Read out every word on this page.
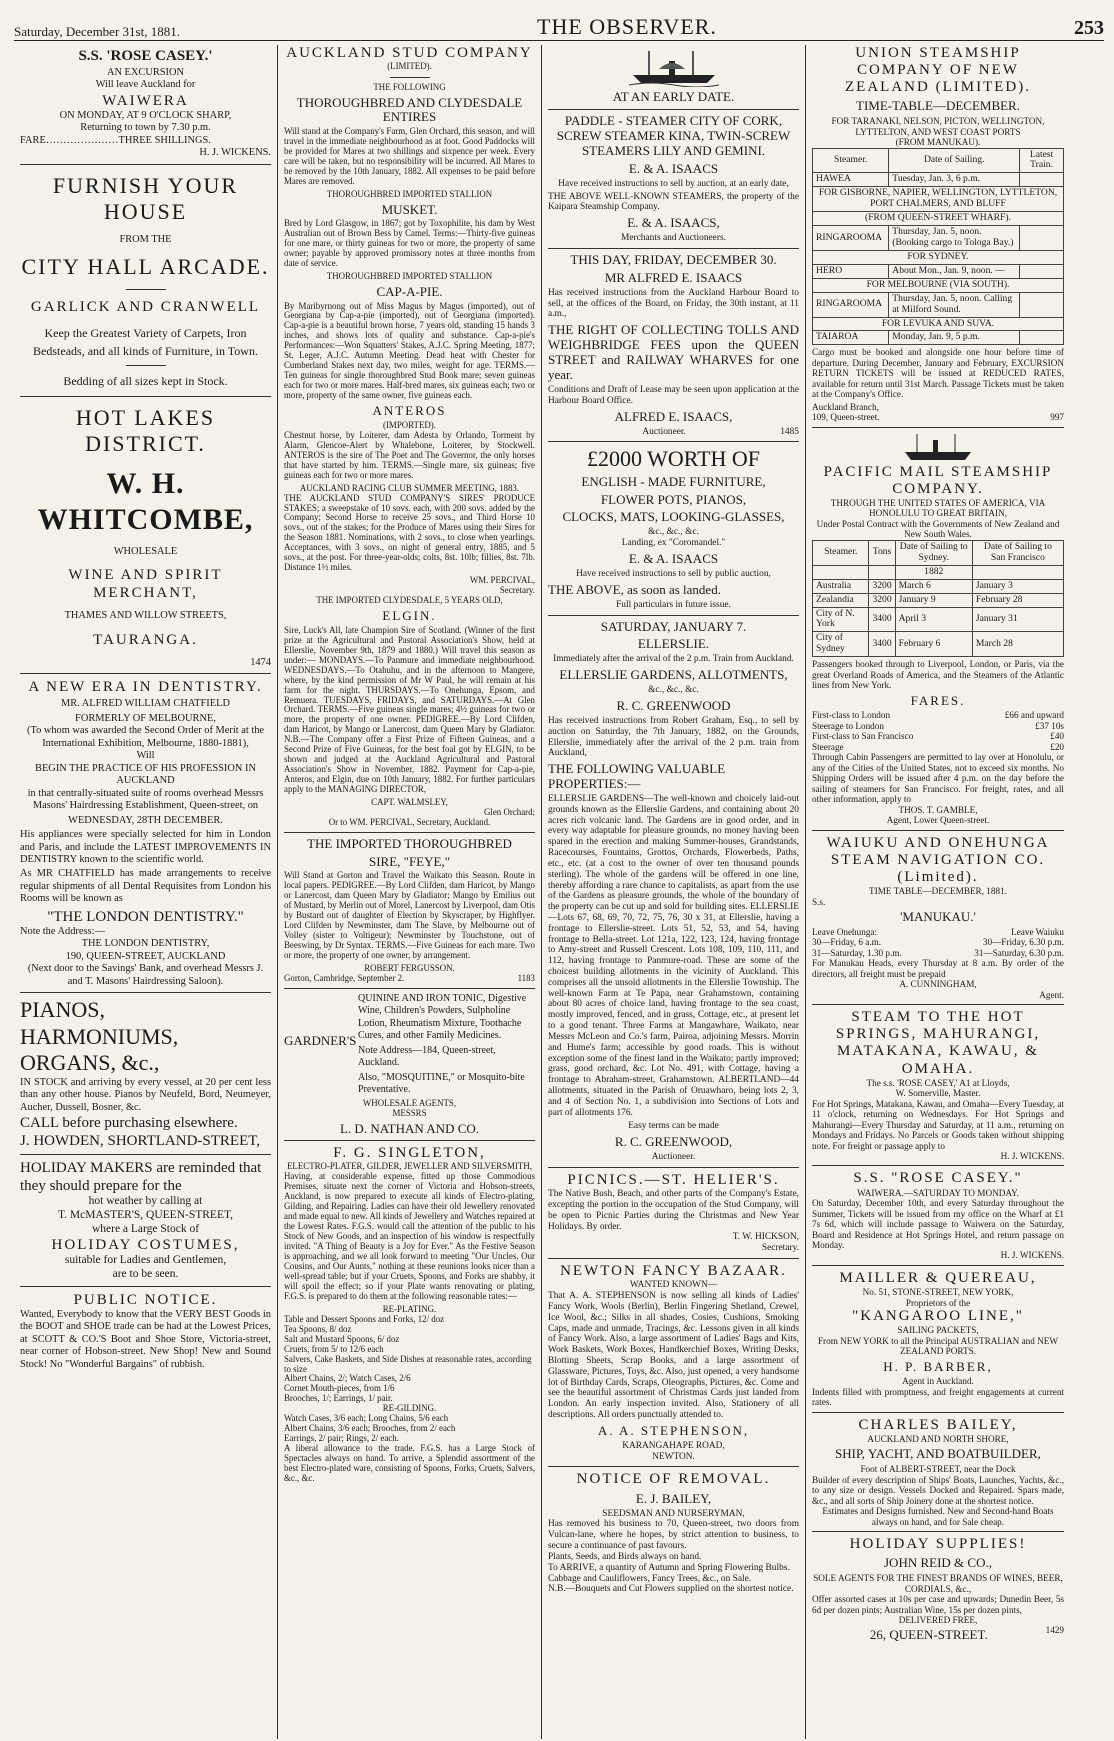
Saturday, December 31st, 1881.	THE OBSERVER.	253
S.S. 'ROSE CASEY.'
AN EXCURSION
Will leave Auckland for
WAIWERA
ON MONDAY, AT 9 O'CLOCK SHARP,
Returning to town by 7.30 p.m.
FARE…………………THREE SHILLINGS.
H. J. WICKENS.
FURNISH YOUR HOUSE
FROM THE
CITY HALL ARCADE.
GARLICK AND CRANWELL
Keep the Greatest Variety of Carpets, Iron Bedsteads, and all kinds of Furniture, in Town.
Bedding of all sizes kept in Stock.
HOT LAKES DISTRICT.
W. H. WHITCOMBE,
WHOLESALE
WINE AND SPIRIT MERCHANT,
THAMES AND WILLOW STREETS,
TAURANGA.
1474
A NEW ERA IN DENTISTRY.
MR. ALFRED WILLIAM CHATFIELD
FORMERLY OF MELBOURNE,
(To whom was awarded the Second Order of Merit at the International Exhibition, Melbourne, 1880-1881),
Will
BEGIN THE PRACTICE OF HIS PROFESSION IN AUCKLAND
in that centrally-situated suite of rooms overhead Messrs Masons' Hairdressing Establishment, Queen-street, on
WEDNESDAY, 28TH DECEMBER.
His appliances were specially selected for him in London and Paris, and include the LATEST IMPROVEMENTS IN DENTISTRY known to the scientific world.
As MR CHATFIELD has made arrangements to receive regular shipments of all Dental Requisites from London his Rooms will be known as
"THE LONDON DENTISTRY."
Note the Address:—
THE LONDON DENTISTRY,
190, QUEEN-STREET, AUCKLAND
(Next door to the Savings' Bank, and overhead Messrs J. and T. Masons' Hairdressing Saloon).
PIANOS,
HARMONIUMS,
ORGANS, &c.,
IN STOCK and arriving by every vessel, at 20 per cent less than any other house. Pianos by Neufeld, Bord, Neumeyer, Aucher, Dussell, Bosner, &c.
CALL before purchasing elsewhere.
J. HOWDEN, SHORTLAND-STREET,
HOLIDAY MAKERS are reminded that they should prepare for the
hot weather by calling at
T. McMASTER'S, QUEEN-STREET,
where a Large Stock of
HOLIDAY COSTUMES,
suitable for Ladies and Gentlemen,
are to be seen.
PUBLIC NOTICE.
Wanted, Everybody to know that the VERY BEST Goods in the BOOT and SHOE trade can be had at the Lowest Prices, at SCOTT & CO.'S Boot and Shoe Store, Victoria-street, near corner of Hobson-street. New Shop! New and Sound Stock! No "Wonderful Bargains" of rubbish.
AUCKLAND STUD COMPANY
(LIMITED).
THE FOLLOWING
THOROUGHBRED AND CLYDESDALE ENTIRES
Will stand at the Company's Farm, Glen Orchard, this season, and will travel in the immediate neighbourhood as at foot. Good Paddocks will be provided for Mares at two shillings and sixpence per week. Every care will be taken, but no responsibility will be incurred. All Mares to be removed by the 10th January, 1882. All expenses to be paid before Mares are removed.
THOROUGHBRED IMPORTED STALLION
MUSKET.
Bred by Lord Glasgow, in 1867; got by Toxophilite, his dam by West Australian out of Brown Bess by Camel. Terms:—Thirty-five guineas for one mare, or thirty guineas for two or more, the property of same owner; payable by approved promissory notes at three months from date of service.
THOROUGHBRED IMPORTED STALLION
CAP-A-PIE.
By Maribyrnong out of Miss Magus by Magus (imported), out of Georgiana by Cap-a-pie (imported), out of Georgiana (imported). Cap-a-pie is a beautiful brown horse, 7 years old, standing 15 hands 3 inches, and shows lots of quality and substance. Cap-a-pie's Performances:—Won Squatters' Stakes, A.J.C. Spring Meeting, 1877; St. Leger, A.J.C. Autumn Meeting. Dead heat with Chester for Cumberland Stakes next day, two miles, weight for age. TERMS.—Ten guineas for single thoroughbred Stud Book mare; seven guineas each for two or more mares. Half-bred mares, six guineas each; two or more, property of the same owner, five guineas each.
ANTEROS
(IMPORTED).
Chestnut horse, by Loiterer, dam Adesta by Orlando, Torment by Alarm, Glencoe-Alert by Whalebone, Loiterer, by Stockwell. ANTEROS is the sire of The Poet and The Governor, the only horses that have started by him. TERMS.—Single mare, six guineas; five guineas each for two or more mares.
AUCKLAND RACING CLUB SUMMER MEETING, 1883.
THE AUCKLAND STUD COMPANY'S SIRES' PRODUCE STAKES; a sweepstake of 10 sovs. each, with 200 sovs. added by the Company; Second Horse to receive 25 sovs., and Third Horse 10 sovs., out of the stakes; for the Produce of Mares using their Sires for the Season 1881. Nominations, with 2 sovs., to close when yearlings. Acceptances, with 3 sovs., on night of general entry, 1885, and 5 sovs., at the post. For three-year-olds; colts, 8st. 10lb; fillies, 8st. 7lb. Distance 1½ miles.
WM. PERCIVAL,
Secretary.
THE IMPORTED CLYDESDALE, 5 YEARS OLD,
ELGIN.
Sire, Luck's All, late Champion Sire of Scotland. (Winner of the first prize at the Agricultural and Pastoral Association's Show, held at Ellerslie, November 9th, 1879 and 1880.) Will travel this season as under:— MONDAYS.—To Panmure and immediate neighbourhood. WEDNESDAYS.—To Otahuhu, and in the afternoon to Mangere, where, by the kind permission of Mr W Paul, he will remain at his farm for the night. THURSDAYS.—To Onehunga, Epsom, and Remuera. TUESDAYS, FRIDAYS, and SATURDAYS.—At Glen Orchard. TERMS.—Five guineas single mares; 4½ guineas for two or more, the property of one owner. PEDIGREE.—By Lord Clifden, dam Haricot, by Mango or Lanercost, dam Queen Mary by Gladiator. N.B.—The Company offer a First Prize of Fifteen Guineas, and a Second Prize of Five Guineas, for the best foal got by ELGIN, to be shown and judged at the Auckland Agricultural and Pastoral Association's Show in November, 1882. Payment for Cap-a-pie, Anteros, and Elgin, due on 10th January, 1882. For further particulars apply to the MANAGING DIRECTOR,
CAPT. WALMSLEY,
Glen Orchard;
Or to WM. PERCIVAL, Secretary, Auckland.
THE IMPORTED THOROUGHBRED
SIRE, "FEYE,"
Will Stand at Gorton and Travel the Waikato this Season. Route in local papers. PEDIGREE.—By Lord Clifden, dam Haricot, by Mango or Lanercost, dam Queen Mary by Gladiator; Mango by Emilius out of Mustard, by Merlin out of Morel, Lanercost by Liverpool, dam Otis by Bustard out of daughter of Election by Skyscraper, by Highflyer. Lord Clifden by Newminster, dam The Slave, by Melbourne out of Volley (sister to Voltigeur); Newminster by Touchstone, out of Beeswing, by Dr Syntax. TERMS.—Five Guineas for each mare. Two or more, the property of one owner, by arrangement.
ROBERT FERGUSSON.
Gorton, Cambridge, September 2.	1183
GARDNER'S
QUININE AND IRON TONIC, Digestive Wine, Children's Powders, Sulpholine Lotion, Rheumatism Mixture, Toothache Cures, and other Family Medicines.
Note Address—184, Queen-street, Auckland.
Also, "MOSQUITINE," or Mosquito-bite Preventative.
WHOLESALE AGENTS,
MESSRS
L. D. NATHAN AND CO.
F. G. SINGLETON,
ELECTRO-PLATER, GILDER, JEWELLER AND SILVERSMITH,
Having, at considerable expense, fitted up those Commodious Premises, situate next the corner of Victoria and Hobson-streets, Auckland, is now prepared to execute all kinds of Electro-plating, Gilding, and Repairing. Ladies can have their old Jewellery renovated and made equal to new. All kinds of Jewellery and Watches repaired at the Lowest Rates. F.G.S. would call the attention of the public to his Stock of New Goods, and an inspection of his window is respectfully invited. "A Thing of Beauty is a Joy for Ever." As the Festive Season is approaching, and we all look forward to meeting "Our Uncles, Our Cousins, and Our Aunts," nothing at these reunions looks nicer than a well-spread table; but if your Cruets, Spoons, and Forks are shabby, it will spoil the effect; so if your Plate wants renovating or plating, F.G.S. is prepared to do them at the following reasonable rates:—
RE-PLATING.
Table and Dessert Spoons and Forks, 12/ doz
Tea Spoons, 8/ doz
Salt and Mustard Spoons, 6/ doz
Cruets, from 5/ to 12/6 each
Salvers, Cake Baskets, and Side Dishes at reasonable rates, according to size
Albert Chains, 2/; Watch Cases, 2/6
Cornet Mouth-pieces, from 1/6
Brooches, 1/; Earrings, 1/ pair.
RE-GILDING.
Watch Cases, 3/6 each; Long Chains, 5/6 each
Albert Chains, 3/6 each; Brooches, from 2/ each
Earrings, 2/ pair; Rings, 2/ each.
A liberal allowance to the trade. F.G.S. has a Large Stock of Spectacles always on hand. To arrive, a Splendid assortment of the best Electro-plated ware, consisting of Spoons, Forks, Cruets, Salvers, &c., &c.
AT AN EARLY DATE.
PADDLE - STEAMER CITY OF CORK, SCREW STEAMER KINA, TWIN-SCREW STEAMERS LILY AND GEMINI.
E. & A. ISAACS
Have received instructions to sell by auction, at an early date,
THE ABOVE WELL-KNOWN STEAMERS, the property of the Kaipara Steamship Company.
E. & A. ISAACS,
Merchants and Auctioneers.
THIS DAY, FRIDAY, DECEMBER 30.
MR ALFRED E. ISAACS
Has received instructions from the Auckland Harbour Board to sell, at the offices of the Board, on Friday, the 30th instant, at 11 a.m.,
THE RIGHT OF COLLECTING TOLLS AND WEIGHBRIDGE FEES upon the QUEEN STREET and RAILWAY WHARVES for one year.
Conditions and Draft of Lease may be seen upon application at the Harbour Board Office.
ALFRED E. ISAACS,
Auctioneer.	1485
£2000 WORTH OF
ENGLISH - MADE FURNITURE,
FLOWER POTS, PIANOS,
CLOCKS, MATS, LOOKING-GLASSES,
&c., &c., &c.
Landing, ex "Coromandel."
E. & A. ISAACS
Have received instructions to sell by public auction,
THE ABOVE, as soon as landed.
Full particulars in future issue.
SATURDAY, JANUARY 7.
ELLERSLIE.
Immediately after the arrival of the 2 p.m. Train from Auckland.
ELLERSLIE GARDENS, ALLOTMENTS,
&c., &c., &c.
R. C. GREENWOOD
Has received instructions from Robert Graham, Esq., to sell by auction on Saturday, the 7th January, 1882, on the Grounds, Ellerslie, immediately after the arrival of the 2 p.m. train from Auckland,
THE FOLLOWING VALUABLE PROPERTIES:—
ELLERSLIE GARDENS—The well-known and choicely laid-out grounds known as the Ellerslie Gardens, and containing about 20 acres rich volcanic land. The Gardens are in good order, and in every way adaptable for pleasure grounds, no money having been spared in the erection and making Summer-houses, Grandstands, Racecourses, Fountains, Grottos, Orchards, Flowerbeds, Paths, etc., etc. (at a cost to the owner of over ten thousand pounds sterling). The whole of the gardens will be offered in one line, thereby affording a rare chance to capitalists, as apart from the use of the Gardens as pleasure grounds, the whole of the boundary of the property can be cut up and sold for building sites. ELLERSLIE—Lots 67, 68, 69, 70, 72, 75, 76, 30 x 31, at Ellerslie, having a frontage to Ellerslie-street. Lots 51, 52, 53, and 54, having frontage to Bella-street. Lot 121a, 122, 123, 124, having frontage to Amy-street and Russell Crescent. Lots 108, 109, 110, 111, and 112, having frontage to Panmure-road. These are some of the choicest building allotments in the vicinity of Auckland. This comprises all the unsold allotments in the Ellerslie Township. The well-known Farm at Te Papa, near Grahamstown, containing about 80 acres of choice land, having frontage to the sea coast, mostly improved, fenced, and in grass, Cottage, etc., at present let to a good tenant. Three Farms at Mangawhare, Waikato, near Messrs McLeon and Co.'s farm, Pairoa, adjoining Messrs. Morrin and Hume's farm; accessible by good roads. This is without exception some of the finest land in the Waikato; partly improved; grass, good orchard, &c. Lot No. 491, with Cottage, having a frontage to Abraham-street, Grahamstown. ALBERTLAND—44 allotments, situated in the Parish of Oruawharo, being lots 2, 3, and 4 of Section No. 1, a subdivision into Sections of Lots and part of allotments 176.
Easy terms can be made
R. C. GREENWOOD,
Auctioneer.
PICNICS.—ST. HELIER'S.
The Native Bush, Beach, and other parts of the Company's Estate, excepting the portion in the occupation of the Stud Company, will be open to Picnic Parties during the Christmas and New Year Holidays. By order.
T. W. HICKSON,
Secretary.
NEWTON FANCY BAZAAR.
WANTED KNOWN—
That A. A. STEPHENSON is now selling all kinds of Ladies' Fancy Work, Wools (Berlin), Berlin Fingering Shetland, Crewel, Ice Wool, &c.; Silks in all shades, Cosies, Cushions, Smoking Caps, made and unmade, Tracings, &c. Lessons given in all kinds of Fancy Work. Also, a large assortment of Ladies' Bags and Kits, Work Baskets, Work Boxes, Handkerchief Boxes, Writing Desks, Blotting Sheets, Scrap Books, and a large assortment of Glassware, Pictures, Toys, &c. Also, just opened, a very handsome lot of Birthday Cards, Scraps, Oleographs, Pictures, &c. Come and see the beautiful assortment of Christmas Cards just landed from London. An early inspection invited. Also, Stationery of all descriptions. All orders punctually attended to.
A. A. STEPHENSON,
KARANGAHAPE ROAD,
NEWTON.
NOTICE OF REMOVAL.
E. J. BAILEY,
SEEDSMAN AND NURSERYMAN,
Has removed his business to 70, Queen-street, two doors from Vulcan-lane, where he hopes, by strict attention to business, to secure a continuance of past favours.
Plants, Seeds, and Birds always on hand.
To ARRIVE, a quantity of Autumn and Spring Flowering Bulbs.
Cabbage and Cauliflowers, Fancy Trees, &c., on Sale.
N.B.—Bouquets and Cut Flowers supplied on the shortest notice.
UNION STEAMSHIP COMPANY OF NEW ZEALAND (LIMITED).
TIME-TABLE—DECEMBER.
FOR TARANAKI, NELSON, PICTON, WELLINGTON, LYTTELTON, AND WEST COAST PORTS
(FROM MANUKAU).
Steamer.	Date of Sailing.	Latest Train.
HAWEA	Tuesday, Jan. 3, 6 p.m.	
FOR GISBORNE, NAPIER, WELLINGTON, LYTTLETON, PORT CHALMERS, AND BLUFF		
(FROM QUEEN-STREET WHARF).		
RINGAROOMA	Thursday, Jan. 5, noon. (Booking cargo to Tologa Bay.)	
FOR SYDNEY.		
HERO	About Mon., Jan. 9, noon. —	
FOR MELBOURNE (VIA SOUTH).		
RINGAROOMA	Thursday, Jan. 5, noon. Calling at Milford Sound.	
FOR LEVUKA AND SUVA.		
TAIAROA	Monday, Jan. 9, 5 p.m.	
Cargo must be booked and alongside one hour before time of departure. During December, January and February, EXCURSION RETURN TICKETS will be issued at REDUCED RATES, available for return until 31st March. Passage Tickets must be taken at the Company's Office.
Auckland Branch,
109, Queen-street.	997
PACIFIC MAIL STEAMSHIP COMPANY.
THROUGH THE UNITED STATES OF AMERICA, VIA HONOLULU TO GREAT BRITAIN,
Under Postal Contract with the Governments of New Zealand and New South Wales.
Steamer.	Tons	Date of Sailing to Sydney.	Date of Sailing to San Francisco
		1882	
Australia	3200	March 6	January 3
Zealandia	3200	January 9	February 28
City of N. York	3400	April 3	January 31
City of Sydney	3400	February 6	March 28
Passengers booked through to Liverpool, London, or Paris, via the great Overland Roads of America, and the Steamers of the Atlantic lines from New York.
FARES.
First-class to London	£66 and upward
Steerage to London	£37 10s
First-class to San Francisco	£40
Steerage	£20
Through Cabin Passengers are permitted to lay over at Honolulu, or any of the Cities of the United States, not to exceed six months. No Shipping Orders will be issued after 4 p.m. on the day before the sailing of steamers for San Francisco. For freight, rates, and all other information, apply to
THOS. T. GAMBLE,
Agent, Lower Queen-street.
WAIUKU AND ONEHUNGA STEAM NAVIGATION CO. (Limited).
TIME TABLE—DECEMBER, 1881.
S.s.
'MANUKAU.'
Leave Onehunga:	Leave Waiuku
30—Friday, 6 a.m.	30—Friday, 6.30 p.m.
31—Saturday, 1.30 p.m.	31—Saturday, 6.30 p.m.
For Manukau Heads, every Thursday at 8 a.m. By order of the directors, all freight must be prepaid
A. CUNNINGHAM,
Agent.
STEAM TO THE HOT SPRINGS, MAHURANGI, MATAKANA, KAWAU, & OMAHA.
The s.s. 'ROSE CASEY,' A1 at Lloyds,
W. Somerville, Master.
For Hot Springs, Matakana, Kawau, and Omaha—Every Tuesday, at 11 o'clock, returning on Wednesdays. For Hot Springs and Mahurangi—Every Thursday and Saturday, at 11 a.m., returning on Mondays and Fridays. No Parcels or Goods taken without shipping note. For freight or passage apply to
H. J. WICKENS.
S.S. "ROSE CASEY."
WAIWERA.—SATURDAY TO MONDAY.
On Saturday, December 10th, and every Saturday throughout the Summer, Tickets will be issued from my office on the Wharf at £1 7s 6d, which will include passage to Waiwera on the Saturday, Board and Residence at Hot Springs Hotel, and return passage on Monday.
H. J. WICKENS.
MAILLER & QUEREAU,
No. 51, STONE-STREET, NEW YORK,
Proprietors of the
"KANGAROO LINE,"
SAILING PACKETS,
From NEW YORK to all the Principal AUSTRALIAN and NEW ZEALAND PORTS.
H. P. BARBER,
Agent in Auckland.
Indents filled with promptness, and freight engagements at current rates.
CHARLES BAILEY,
AUCKLAND AND NORTH SHORE,
SHIP, YACHT, AND BOATBUILDER,
Foot of ALBERT-STREET, near the Dock
Builder of every description of Ships' Boats, Launches, Yachts, &c., to any size or design. Vessels Docked and Repaired. Spars made, &c., and all sorts of Ship Joinery done at the shortest notice.
Estimates and Designs furnished. New and Second-hand Boats always on hand, and for Sale cheap.
HOLIDAY SUPPLIES!
JOHN REID & CO.,
SOLE AGENTS FOR THE FINEST BRANDS OF WINES, BEER, CORDIALS, &c.,
Offer assorted cases at 10s per case and upwards; Dunedin Beer, 5s 6d per dozen pints; Australian Wine, 15s per dozen pints,
DELIVERED FREE,
26, QUEEN-STREET.	1429
